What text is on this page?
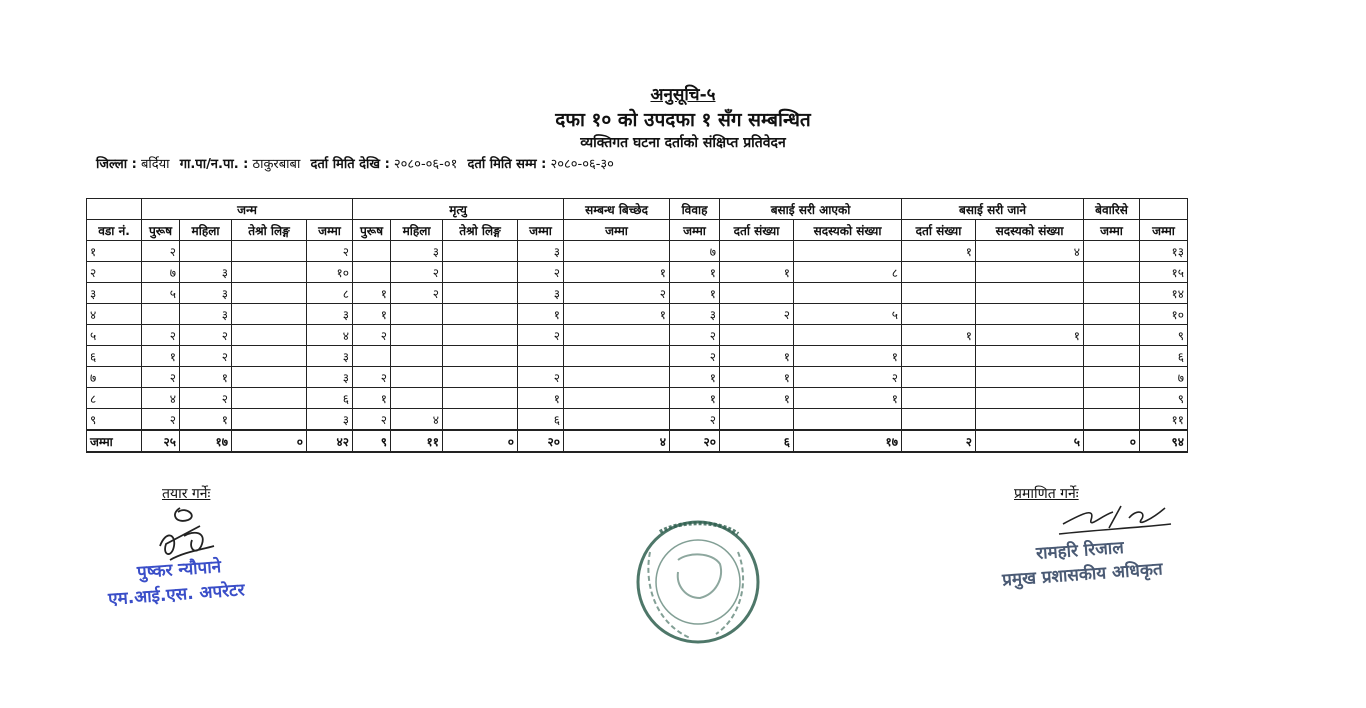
अनुसूचि-५
दफा १० को उपदफा १ सँग सम्बन्धित
व्यक्तिगत घटना दर्ताको संक्षिप्त प्रतिवेदन
जिल्ला : बर्दिया गा.पा/न.पा. : ठाकुरबाबा दर्ता मिति देखि : २०८०-०६-०१ दर्ता मिति सम्म : २०८०-०६-३०
	जन्म				मृत्यु				सम्बन्ध बिच्छेद	विवाह	बसाई सरी आएको		बसाई सरी जाने		बेवारिसे	
वडा नं.	पुरूष	महिला	तेश्रो लिङ्ग	जम्मा	पुरूष	महिला	तेश्रो लिङ्ग	जम्मा	जम्मा	जम्मा	दर्ता संख्या	सदस्यको संख्या	दर्ता संख्या	सदस्यको संख्या	जम्मा	जम्मा
१	२			२		३		३		७			१	४		१३
२	७	३		१०		२		२	१	१	१	८				१५
३	५	३		८	१	२		३	२	१						१४
४		३		३	१			१	१	३	२	५				१०
५	२	२		४	२			२		२			१	१		९
६	१	२		३						२	१	१				६
७	२	१		३	२			२		१	१	२				७
८	४	२		६	१			१		१	१	१				९
९	२	१		३	२	४		६		२						११
जम्मा	२५	१७	०	४२	९	११	०	२०	४	२०	६	१७	२	५	०	९४
तयार गर्नेः	प्रमाणित गर्नेः
पुष्कर न्यौपाने
एम.आई.एस. अपरेटर
रामहरि रिजाल
प्रमुख प्रशासकीय अधिकृत
